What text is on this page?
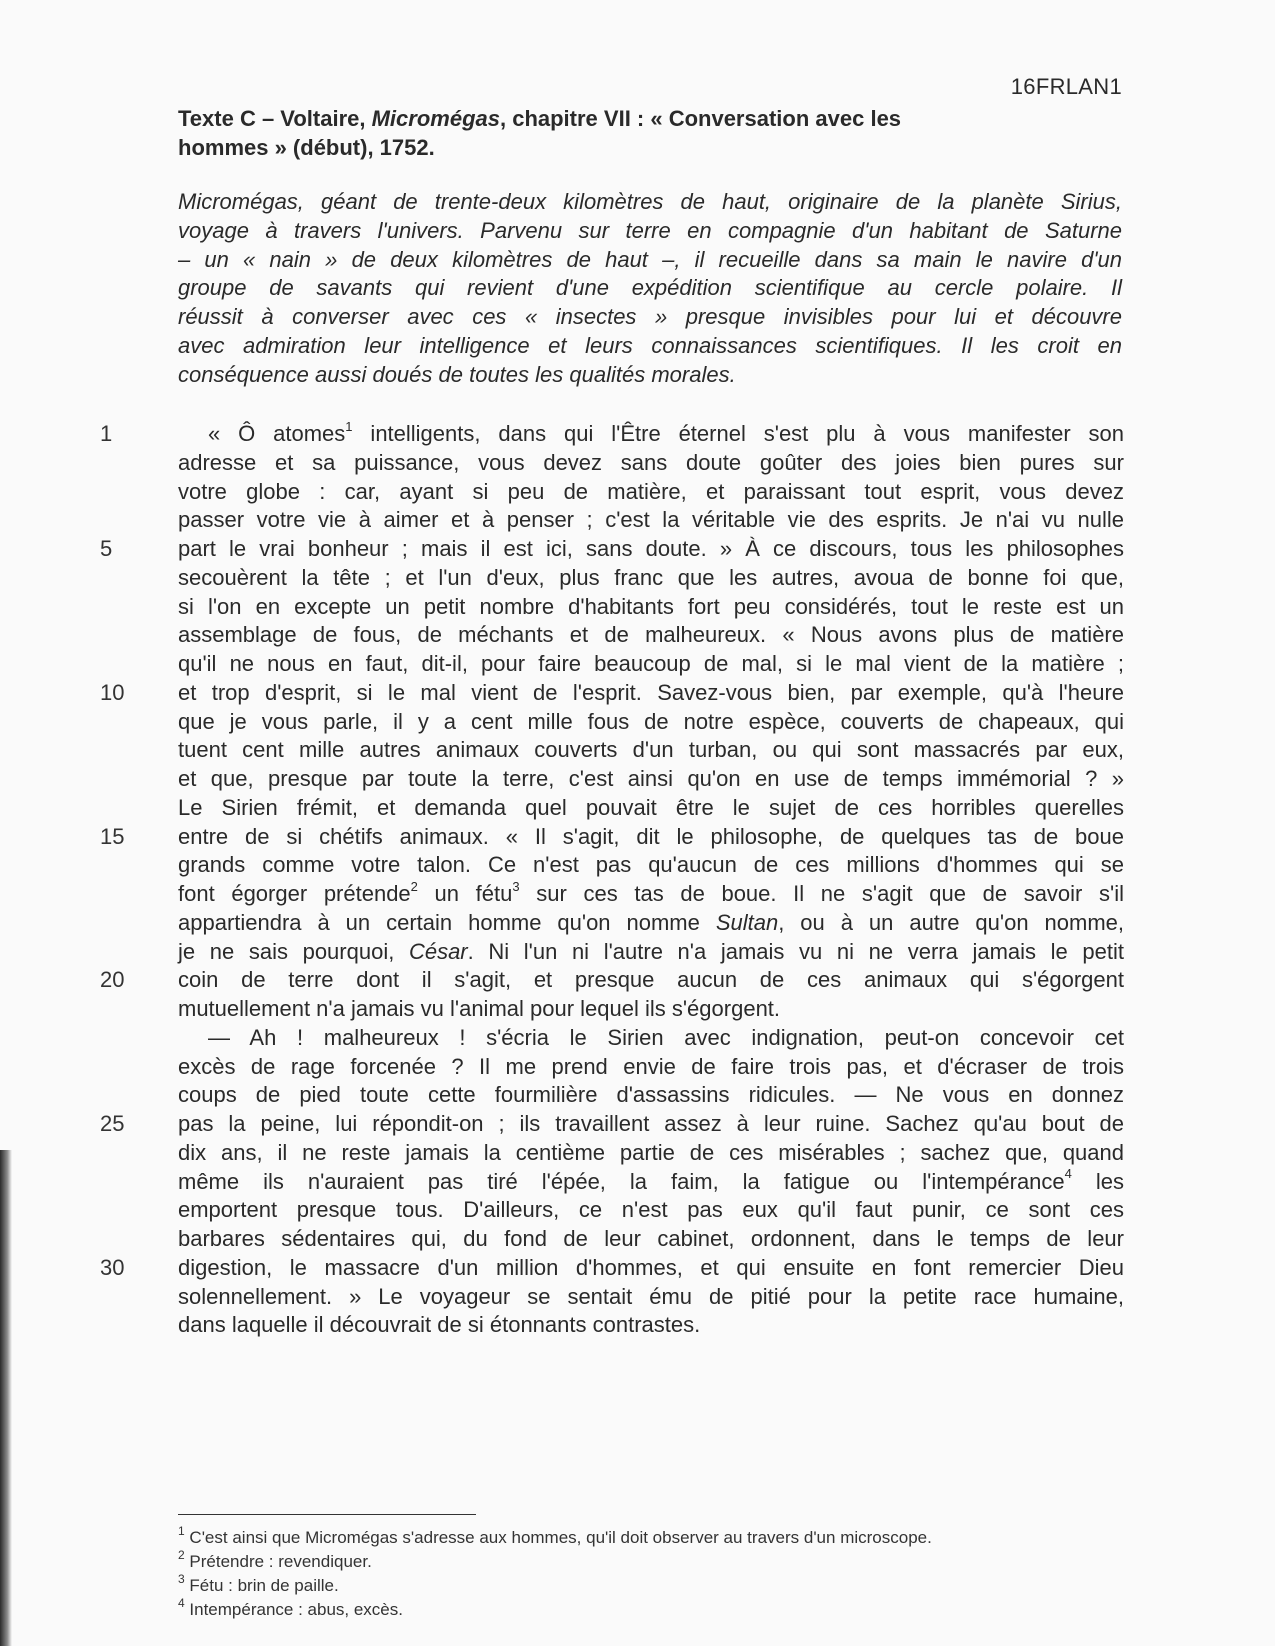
16FRLAN1
Texte C – Voltaire, Micromégas, chapitre VII : « Conversation avec les
hommes » (début), 1752.
Micromégas, géant de trente-deux kilomètres de haut, originaire de la planète Sirius,
voyage à travers l'univers. Parvenu sur terre en compagnie d'un habitant de Saturne
– un « nain » de deux kilomètres de haut –, il recueille dans sa main le navire d'un
groupe de savants qui revient d'une expédition scientifique au cercle polaire. Il
réussit à converser avec ces « insectes » presque invisibles pour lui et découvre
avec admiration leur intelligence et leurs connaissances scientifiques. Il les croit en
conséquence aussi doués de toutes les qualités morales.
1	« Ô atomes$^1$ intelligents, dans qui l'Être éternel s'est plu à vous manifester son
adresse et sa puissance, vous devez sans doute goûter des joies bien pures sur
votre globe : car, ayant si peu de matière, et paraissant tout esprit, vous devez
passer votre vie à aimer et à penser ; c'est la véritable vie des esprits. Je n'ai vu nulle
5	part le vrai bonheur ; mais il est ici, sans doute. » À ce discours, tous les philosophes
secouèrent la tête ; et l'un d'eux, plus franc que les autres, avoua de bonne foi que,
si l'on en excepte un petit nombre d'habitants fort peu considérés, tout le reste est un
assemblage de fous, de méchants et de malheureux. « Nous avons plus de matière
qu'il ne nous en faut, dit-il, pour faire beaucoup de mal, si le mal vient de la matière ;
10	et trop d'esprit, si le mal vient de l'esprit. Savez-vous bien, par exemple, qu'à l'heure
que je vous parle, il y a cent mille fous de notre espèce, couverts de chapeaux, qui
tuent cent mille autres animaux couverts d'un turban, ou qui sont massacrés par eux,
et que, presque par toute la terre, c'est ainsi qu'on en use de temps immémorial ? »
Le Sirien frémit, et demanda quel pouvait être le sujet de ces horribles querelles
15	entre de si chétifs animaux. « Il s'agit, dit le philosophe, de quelques tas de boue
grands comme votre talon. Ce n'est pas qu'aucun de ces millions d'hommes qui se
font égorger prétende$^2$ un fétu$^3$ sur ces tas de boue. Il ne s'agit que de savoir s'il
appartiendra à un certain homme qu'on nomme Sultan, ou à un autre qu'on nomme,
je ne sais pourquoi, César. Ni l'un ni l'autre n'a jamais vu ni ne verra jamais le petit
20	coin de terre dont il s'agit, et presque aucun de ces animaux qui s'égorgent
mutuellement n'a jamais vu l'animal pour lequel ils s'égorgent.
— Ah ! malheureux ! s'écria le Sirien avec indignation, peut-on concevoir cet
excès de rage forcenée ? Il me prend envie de faire trois pas, et d'écraser de trois
coups de pied toute cette fourmilière d'assassins ridicules. — Ne vous en donnez
25	pas la peine, lui répondit-on ; ils travaillent assez à leur ruine. Sachez qu'au bout de
dix ans, il ne reste jamais la centième partie de ces misérables ; sachez que, quand
même ils n'auraient pas tiré l'épée, la faim, la fatigue ou l'intempérance$^4$ les
emportent presque tous. D'ailleurs, ce n'est pas eux qu'il faut punir, ce sont ces
barbares sédentaires qui, du fond de leur cabinet, ordonnent, dans le temps de leur
30	digestion, le massacre d'un million d'hommes, et qui ensuite en font remercier Dieu
solennellement. » Le voyageur se sentait ému de pitié pour la petite race humaine,
dans laquelle il découvrait de si étonnants contrastes.
$^1$ C'est ainsi que Micromégas s'adresse aux hommes, qu'il doit observer au travers d'un microscope.
$^2$ Prétendre : revendiquer.
$^3$ Fétu : brin de paille.
$^4$ Intempérance : abus, excès.
